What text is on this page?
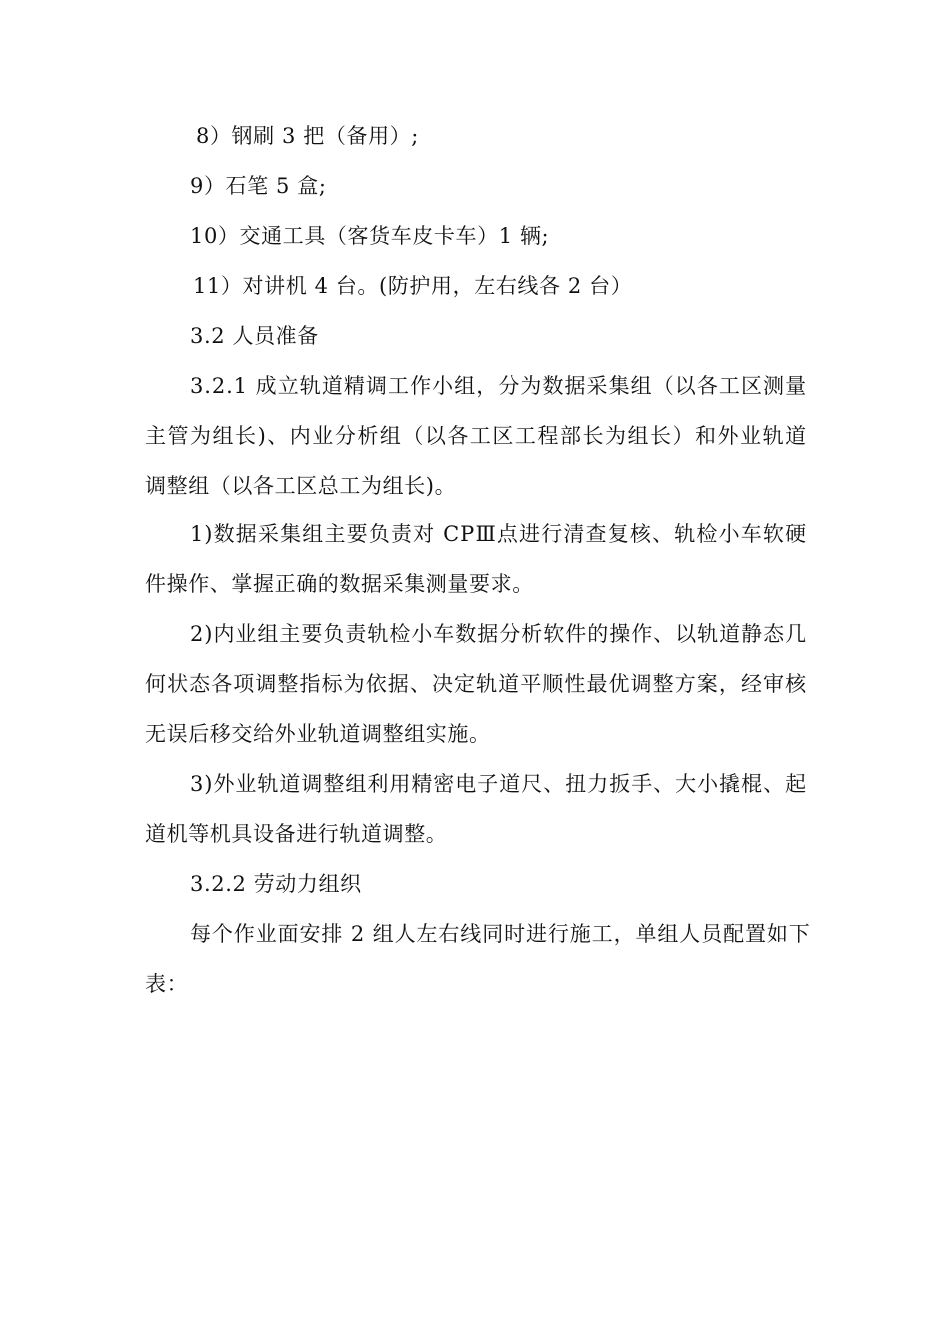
8）钢刷 3 把（备用）;
9）石笔 5 盒;
10）交通工具（客货车皮卡车）1 辆;
11）对讲机 4 台。(防护用，左右线各 2 台）
3.2 人员准备
3.2.1 成立轨道精调工作小组，分为数据采集组（以各工区测量
主管为组长)、内业分析组（以各工区工程部长为组长）和外业轨道
调整组（以各工区总工为组长)。
1)数据采集组主要负责对 CPⅢ点进行清查复核、轨检小车软硬
件操作、掌握正确的数据采集测量要求。
2)内业组主要负责轨检小车数据分析软件的操作、以轨道静态几
何状态各项调整指标为依据、决定轨道平顺性最优调整方案，经审核
无误后移交给外业轨道调整组实施。
3)外业轨道调整组利用精密电子道尺、扭力扳手、大小撬棍、起
道机等机具设备进行轨道调整。
3.2.2 劳动力组织
每个作业面安排 2 组人左右线同时进行施工，单组人员配置如下
表：
